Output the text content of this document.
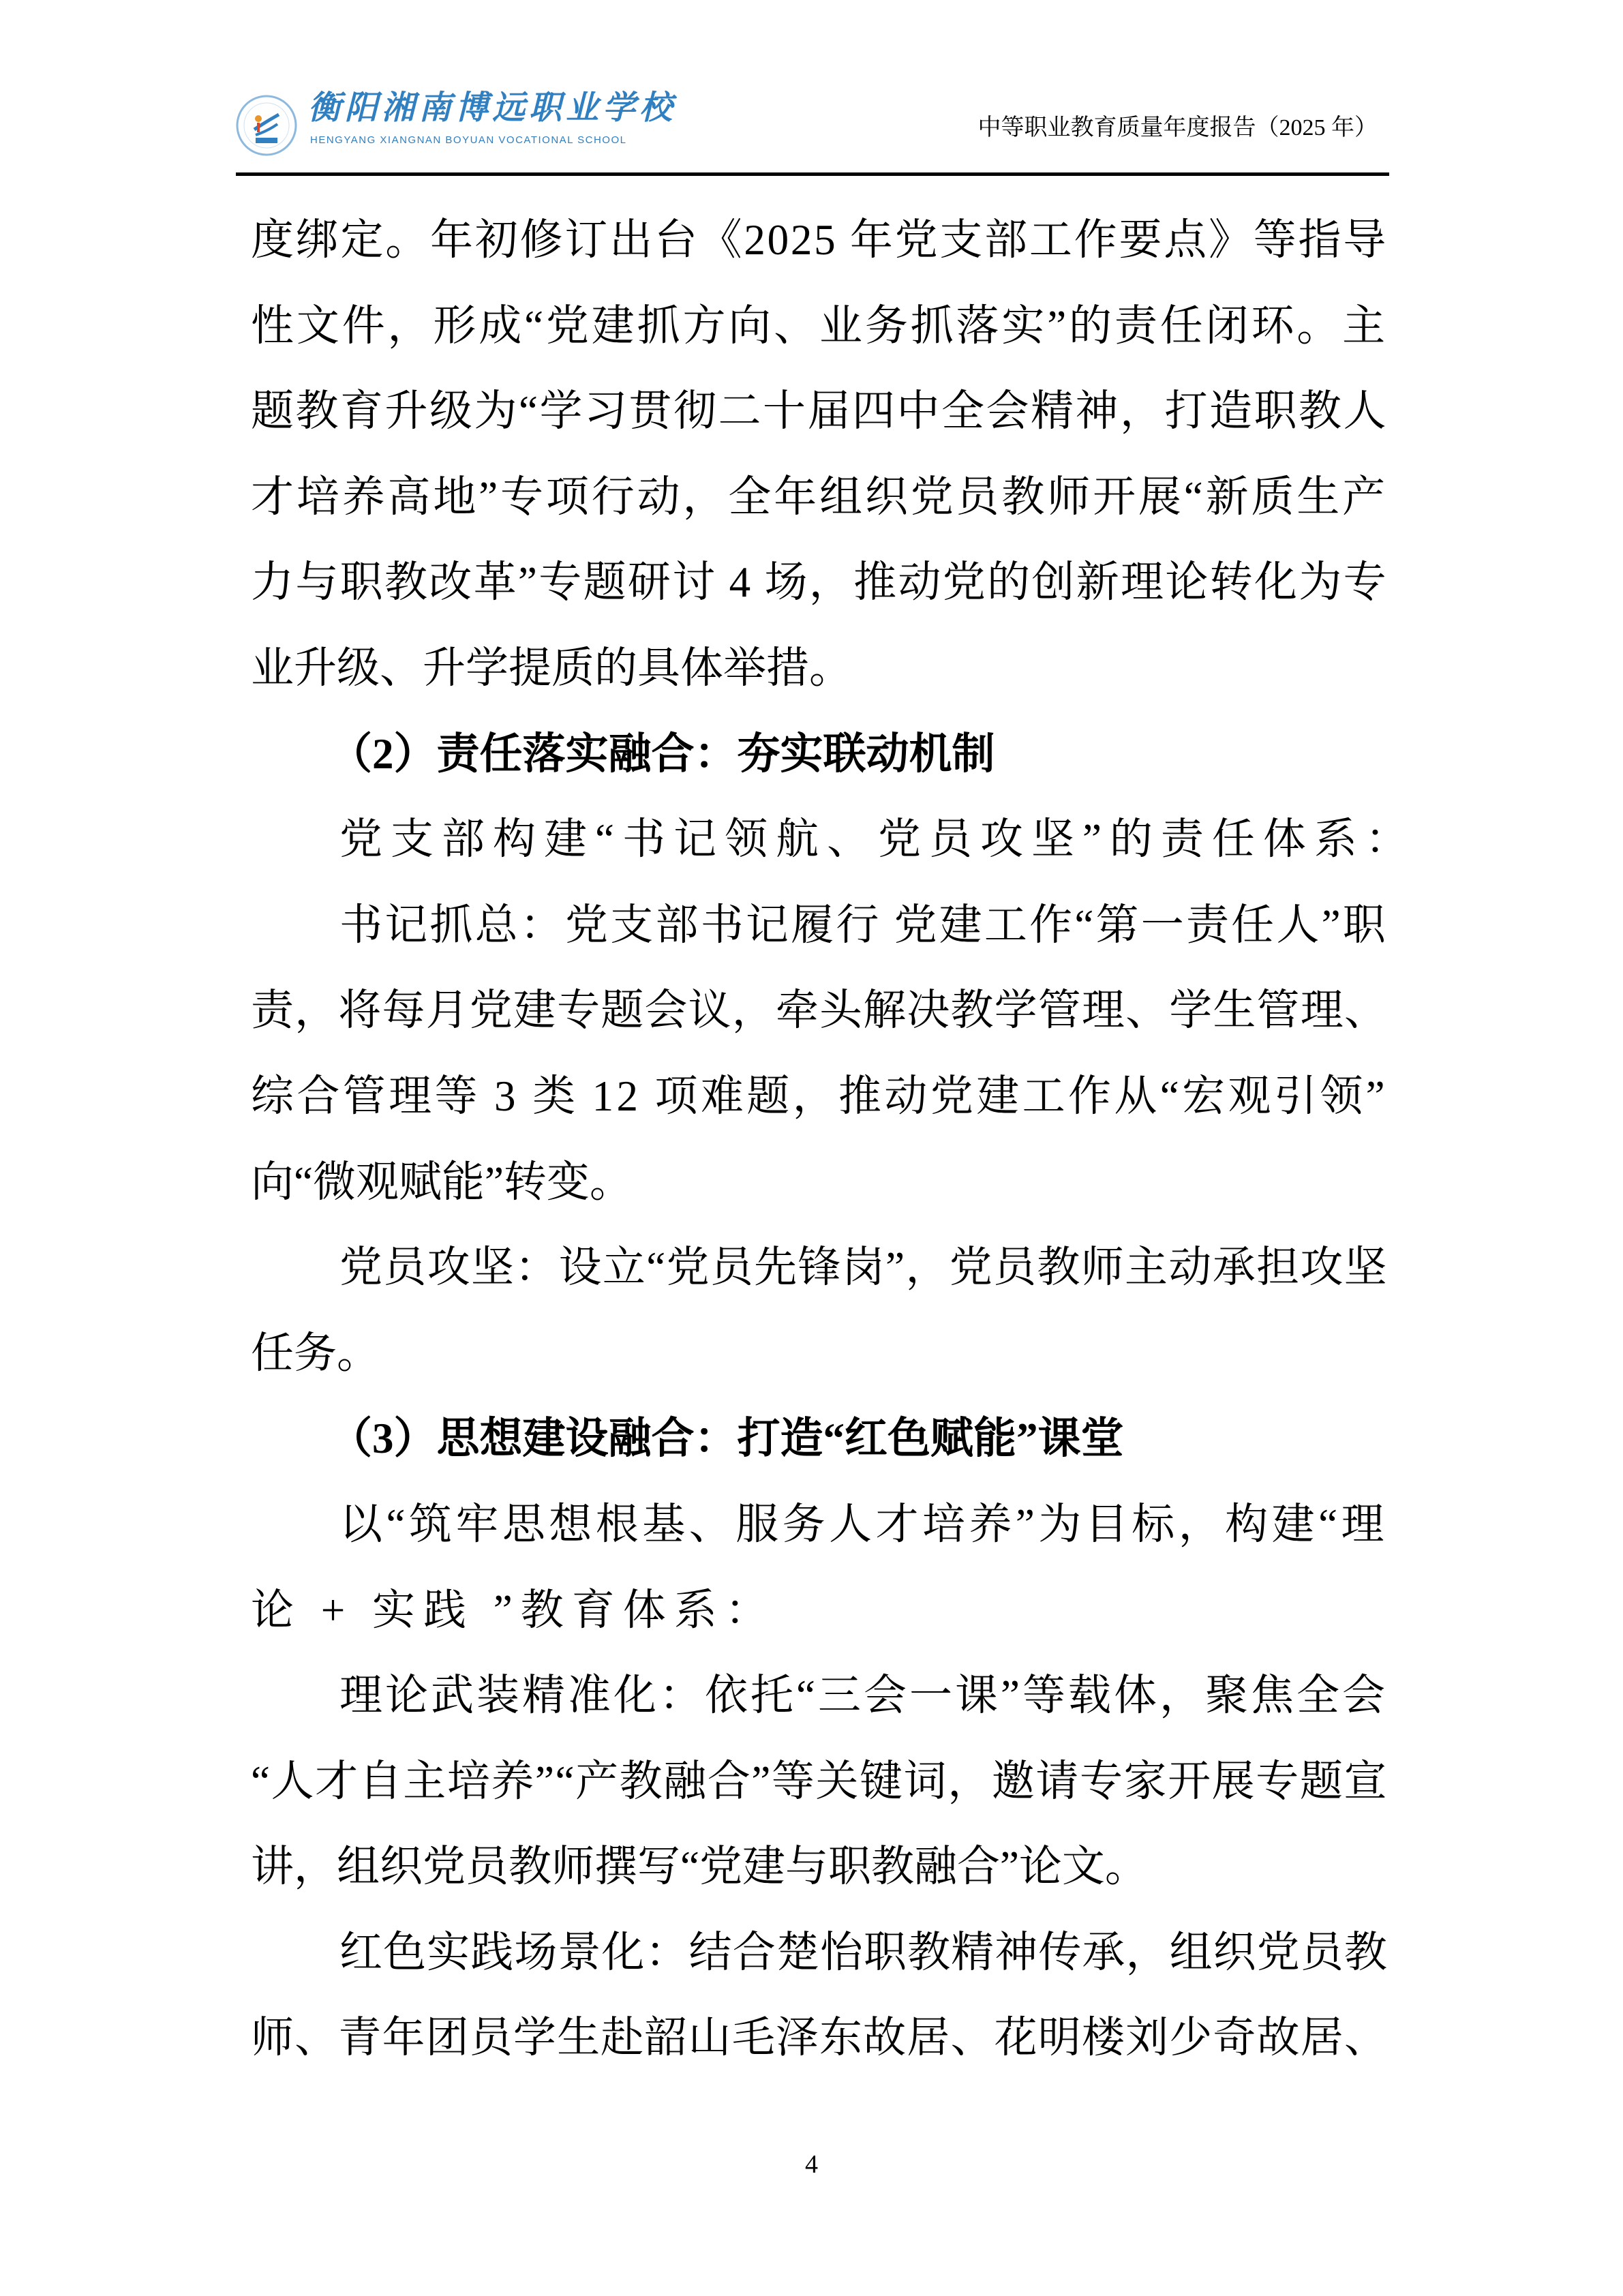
衡阳湘南博远职业学校
HENGYANG XIANGNAN BOYUAN VOCATIONAL SCHOOL	中等职业教育质量年度报告（2025 年）
度绑定。年初修订出台《2025 年党支部工作要点》等指导
性文件，形成“党建抓方向、业务抓落实”的责任闭环。主
题教育升级为“学习贯彻二十届四中全会精神，打造职教人
才培养高地”专项行动，全年组织党员教师开展“新质生产
力与职教改革”专题研讨 4 场，推动党的创新理论转化为专
业升级、升学提质的具体举措。
（2）责任落实融合：夯实联动机制
党支部构建“书记领航、党员攻坚”的责任体系：
书记抓总：党支部书记履行 党建工作“第一责任人”职
责，将每月党建专题会议，牵头解决教学管理、学生管理、
综合管理等 3 类 12 项难题，推动党建工作从“宏观引领”
向“微观赋能”转变。
党员攻坚：设立“党员先锋岗”，党员教师主动承担攻坚
任务。
（3）思想建设融合：打造“红色赋能”课堂
以“筑牢思想根基、服务人才培养”为目标，构建“理
论 + 实践 ”教育体系：
理论武装精准化：依托“三会一课”等载体，聚焦全会
“人才自主培养”“产教融合”等关键词，邀请专家开展专题宣
讲，组织党员教师撰写“党建与职教融合”论文。
红色实践场景化：结合楚怡职教精神传承，组织党员教
师、青年团员学生赴韶山毛泽东故居、花明楼刘少奇故居、
4
